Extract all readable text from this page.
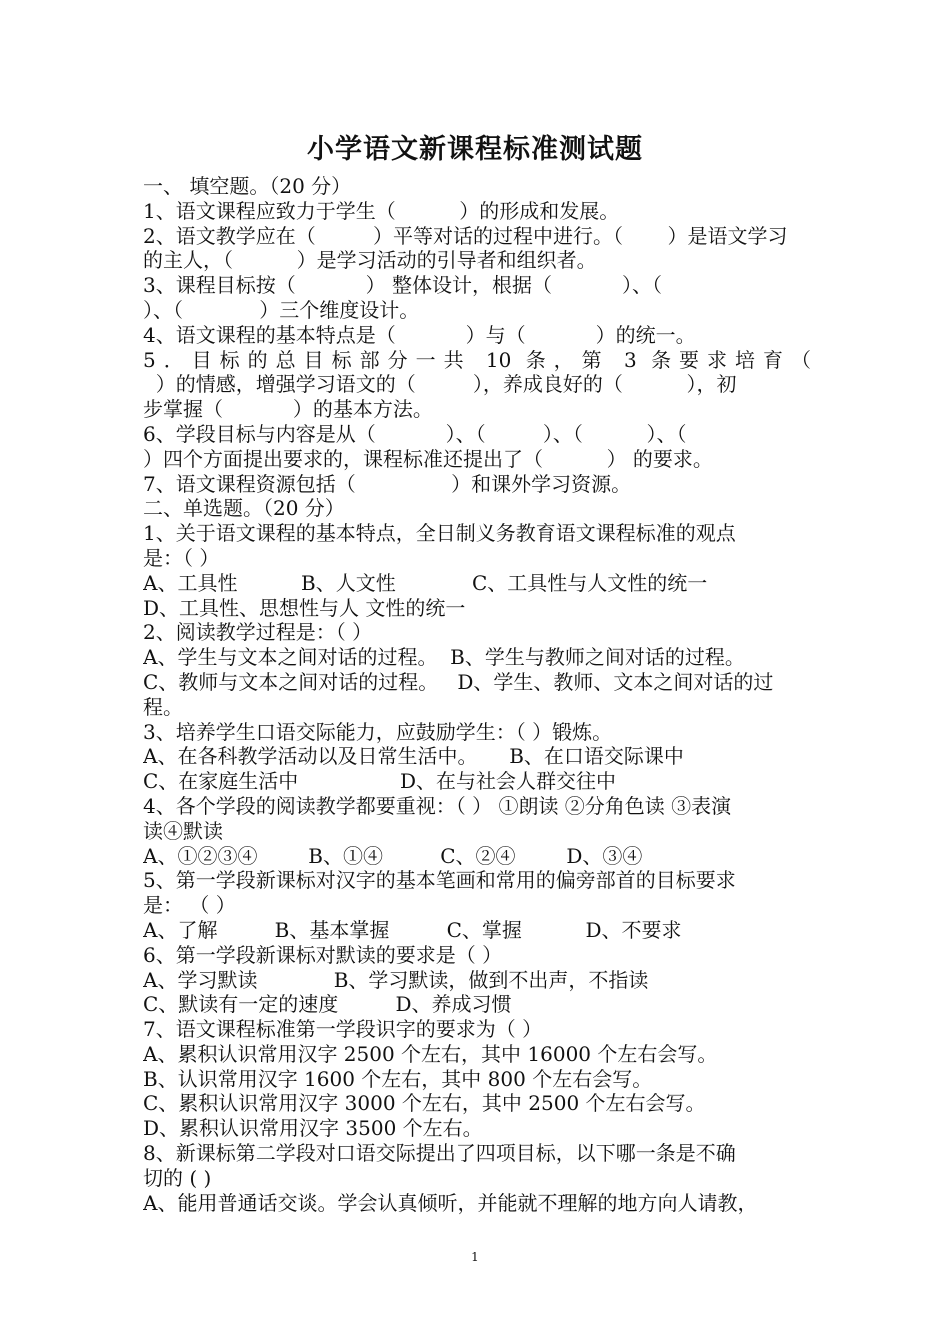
小学语文新课程标准测试题
一、 填空题。（20 分）
1、语文课程应致力于学生（          ）的形成和发展。
2、语文教学应在（         ）平等对话的过程中进行。（       ）是语文学习
的主人，（          ）是学习活动的引导者和组织者。
3、课程目标按（           ） 整体设计，根据（           ）、（
）、（            ）三个维度设计。
4、语文课程的基本特点是（           ）与（           ）的统一。
5．目标的总目标部分一共 10 条，第 3 条要求培育（
）的情感，增强学习语文的（         ），养成良好的（          ），初
步掌握（           ）的基本方法。
6、学段目标与内容是从（           ）、（         ）、（          ）、（
）四个方面提出要求的，课程标准还提出了（          ） 的要求。
7、语文课程资源包括（               ）和课外学习资源。
二、单选题。（20 分）
1、关于语文课程的基本特点，全日制义务教育语文课程标准的观点
是：（ ）
A、工具性          B、人文性            C、工具性与人文性的统一
D、工具性、思想性与人 文性的统一
2、阅读教学过程是：（ ）
A、学生与文本之间对话的过程。  B、学生与教师之间对话的过程。
C、教师与文本之间对话的过程。   D、学生、教师、文本之间对话的过
程。
3、培养学生口语交际能力，应鼓励学生：（ ）锻炼。
A、在各科教学活动以及日常生活中。     B、在口语交际课中
C、在家庭生活中                D、在与社会人群交往中
4、各个学段的阅读教学都要重视：（ ） ①朗读 ②分角色读 ③表演
读④默读
A、①②③④        B、①④         C、②④        D、③④
5、第一学段新课标对汉字的基本笔画和常用的偏旁部首的目标要求
是： （ ）
A、了解         B、基本掌握         C、掌握          D、不要求
6、第一学段新课标对默读的要求是（ ）
A、学习默读            B、学习默读，做到不出声，不指读
C、默读有一定的速度         D、养成习惯
7、语文课程标准第一学段识字的要求为（ ）
A、累积认识常用汉字 2500 个左右，其中 16000 个左右会写。
B、认识常用汉字 1600 个左右，其中 800 个左右会写。
C、累积认识常用汉字 3000 个左右，其中 2500 个左右会写。
D、累积认识常用汉字 3500 个左右。
8、新课标第二学段对口语交际提出了四项目标，以下哪一条是不确
切的 ( )
A、能用普通话交谈。学会认真倾听，并能就不理解的地方向人请教，
1
